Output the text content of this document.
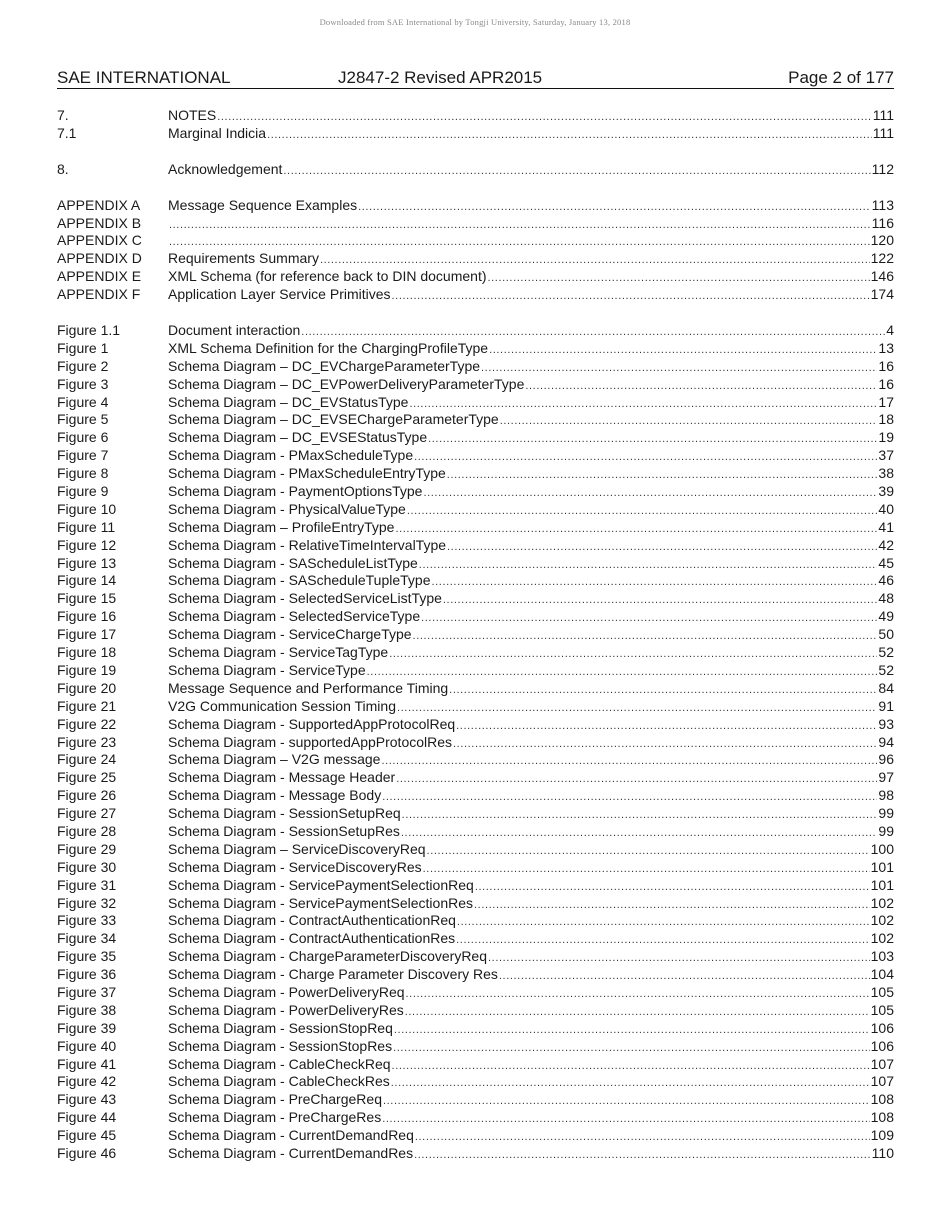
Downloaded from SAE International by Tongji University, Saturday, January 13, 2018
SAE INTERNATIONAL	J2847-2 Revised APR2015	Page 2 of 177
7.	NOTES .....	111
7.1	Marginal Indicia .....	111
8.	Acknowledgement .....	112
APPENDIX A Message Sequence Examples .....	113
APPENDIX B .....	116
APPENDIX C .....	120
APPENDIX D Requirements Summary .....	122
APPENDIX E XML Schema (for reference back to DIN document) .....	146
APPENDIX F Application Layer Service Primitives .....	174
Figure 1.1	Document interaction .....	4
Figure 1	XML Schema Definition for the ChargingProfileType .....	13
Figure 2	Schema Diagram – DC_EVChargeParameterType .....	16
Figure 3	Schema Diagram – DC_EVPowerDeliveryParameterType .....	16
Figure 4	Schema Diagram – DC_EVStatusType .....	17
Figure 5	Schema Diagram – DC_EVSEChargeParameterType .....	18
Figure 6	Schema Diagram – DC_EVSEStatusType .....	19
Figure 7	Schema Diagram - PMaxScheduleType .....	37
Figure 8	Schema Diagram - PMaxScheduleEntryType .....	38
Figure 9	Schema Diagram - PaymentOptionsType .....	39
Figure 10	Schema Diagram - PhysicalValueType .....	40
Figure 11	Schema Diagram – ProfileEntryType .....	41
Figure 12	Schema Diagram - RelativeTimeIntervalType .....	42
Figure 13	Schema Diagram - SAScheduleListType .....	45
Figure 14	Schema Diagram - SAScheduleTupleType .....	46
Figure 15	Schema Diagram - SelectedServiceListType .....	48
Figure 16	Schema Diagram - SelectedServiceType .....	49
Figure 17	Schema Diagram - ServiceChargeType .....	50
Figure 18	Schema Diagram - ServiceTagType .....	52
Figure 19	Schema Diagram - ServiceType .....	52
Figure 20	Message Sequence and Performance Timing .....	84
Figure 21	V2G Communication Session Timing .....	91
Figure 22	Schema Diagram - SupportedAppProtocolReq .....	93
Figure 23	Schema Diagram - supportedAppProtocolRes .....	94
Figure 24	Schema Diagram – V2G message .....	96
Figure 25	Schema Diagram - Message Header .....	97
Figure 26	Schema Diagram - Message Body .....	98
Figure 27	Schema Diagram - SessionSetupReq .....	99
Figure 28	Schema Diagram - SessionSetupRes .....	99
Figure 29	Schema Diagram – ServiceDiscoveryReq .....	100
Figure 30	Schema Diagram - ServiceDiscoveryRes .....	101
Figure 31	Schema Diagram - ServicePaymentSelectionReq .....	101
Figure 32	Schema Diagram - ServicePaymentSelectionRes .....	102
Figure 33	Schema Diagram - ContractAuthenticationReq .....	102
Figure 34	Schema Diagram - ContractAuthenticationRes .....	102
Figure 35	Schema Diagram - ChargeParameterDiscoveryReq .....	103
Figure 36	Schema Diagram - Charge Parameter Discovery Res .....	104
Figure 37	Schema Diagram - PowerDeliveryReq .....	105
Figure 38	Schema Diagram - PowerDeliveryRes .....	105
Figure 39	Schema Diagram - SessionStopReq .....	106
Figure 40	Schema Diagram - SessionStopRes .....	106
Figure 41	Schema Diagram - CableCheckReq .....	107
Figure 42	Schema Diagram - CableCheckRes .....	107
Figure 43	Schema Diagram - PreChargeReq .....	108
Figure 44	Schema Diagram - PreChargeRes .....	108
Figure 45	Schema Diagram - CurrentDemandReq .....	109
Figure 46	Schema Diagram - CurrentDemandRes .....	110
